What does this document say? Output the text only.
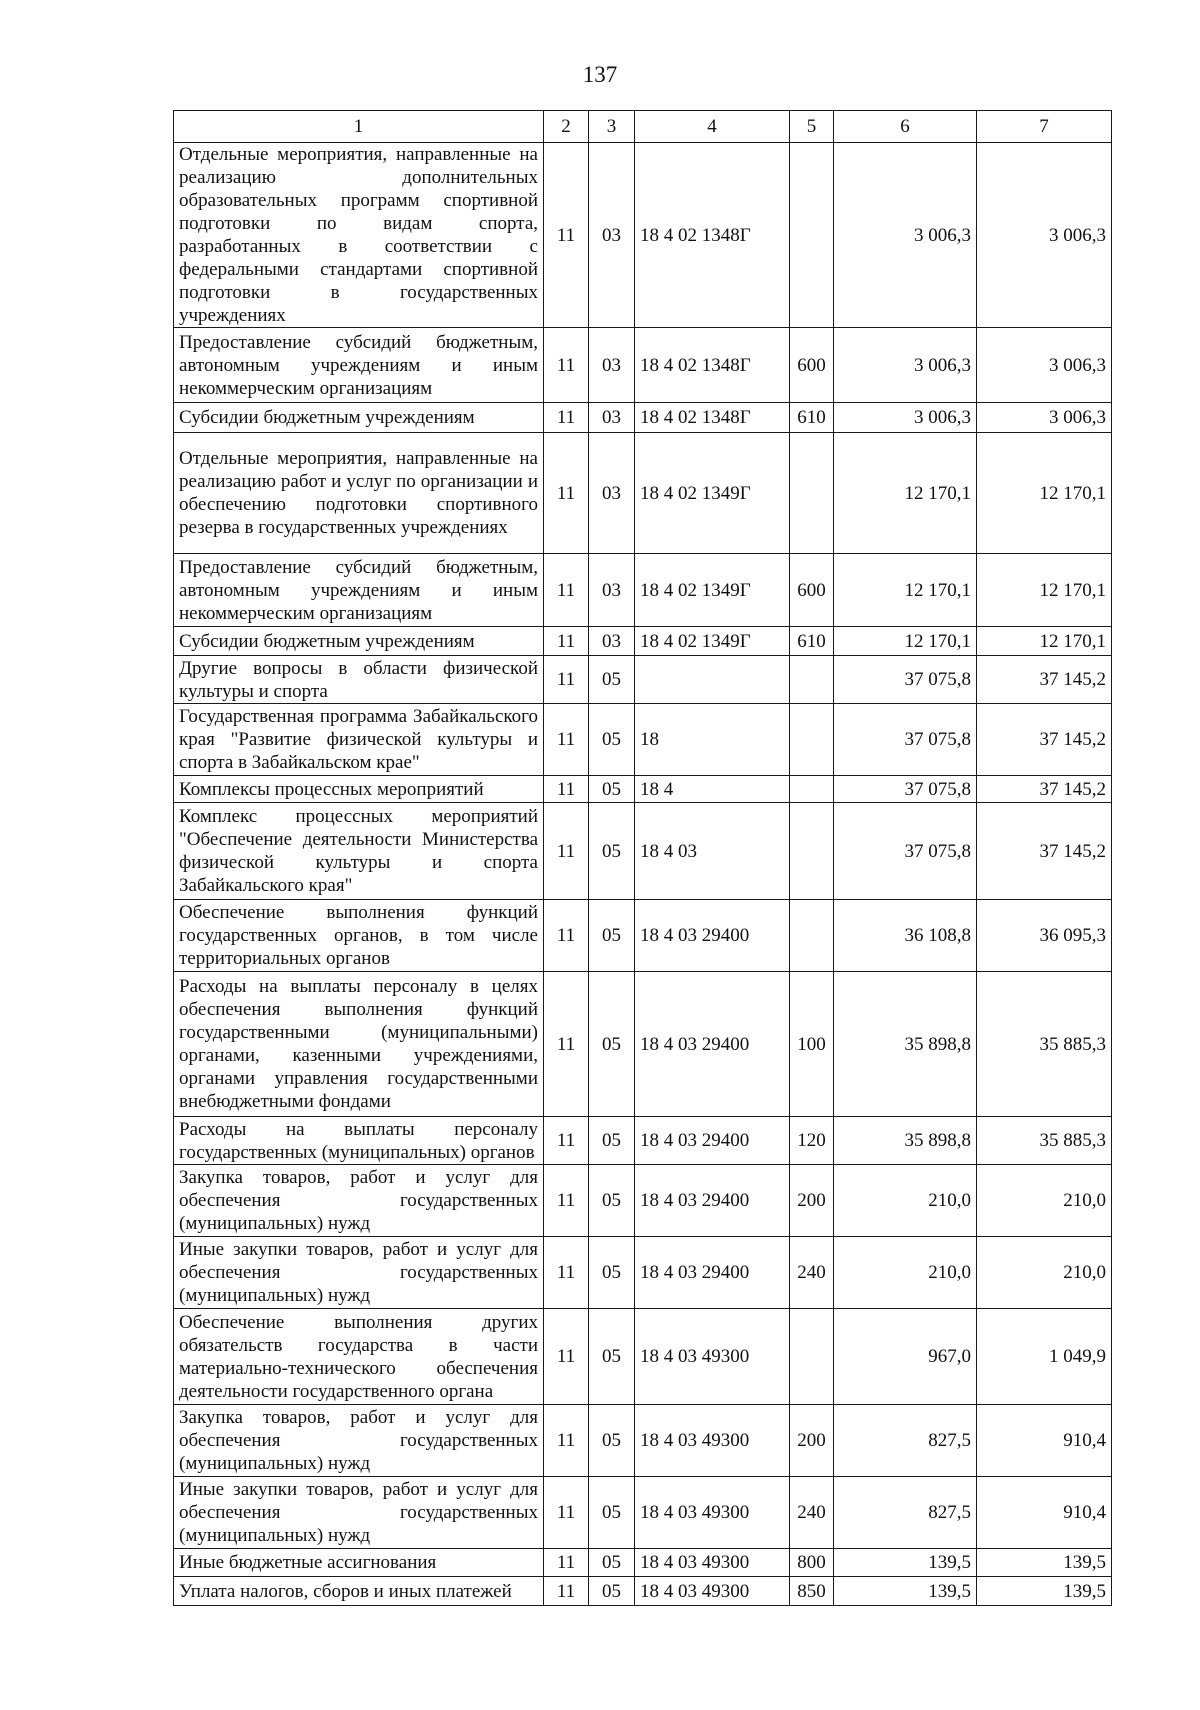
137
1	2	3	4	5	6	7
Отдельные мероприятия, направленные на реализацию дополнительных образовательных программ спортивной подготовки по видам спорта, разработанных в соответствии с федеральными стандартами спортивной подготовки в государственных учреждениях	11	03	18 4 02 1348Г		3 006,3	3 006,3
Предоставление субсидий бюджетным, автономным учреждениям и иным некоммерческим организациям	11	03	18 4 02 1348Г	600	3 006,3	3 006,3
Субсидии бюджетным учреждениям	11	03	18 4 02 1348Г	610	3 006,3	3 006,3
Отдельные мероприятия, направленные на реализацию работ и услуг по организации и обеспечению подготовки спортивного резерва в государственных учреждениях	11	03	18 4 02 1349Г		12 170,1	12 170,1
Предоставление субсидий бюджетным, автономным учреждениям и иным некоммерческим организациям	11	03	18 4 02 1349Г	600	12 170,1	12 170,1
Субсидии бюджетным учреждениям	11	03	18 4 02 1349Г	610	12 170,1	12 170,1
Другие вопросы в области физической культуры и спорта	11	05			37 075,8	37 145,2
Государственная программа Забайкальского края "Развитие физической культуры и спорта в Забайкальском крае"	11	05	18		37 075,8	37 145,2
Комплексы процессных мероприятий	11	05	18 4		37 075,8	37 145,2
Комплекс процессных мероприятий "Обеспечение деятельности Министерства физической культуры и спорта Забайкальского края"	11	05	18 4 03		37 075,8	37 145,2
Обеспечение выполнения функций государственных органов, в том числе территориальных органов	11	05	18 4 03 29400		36 108,8	36 095,3
Расходы на выплаты персоналу в целях обеспечения выполнения функций государственными (муниципальными) органами, казенными учреждениями, органами управления государственными внебюджетными фондами	11	05	18 4 03 29400	100	35 898,8	35 885,3
Расходы на выплаты персоналу государственных (муниципальных) органов	11	05	18 4 03 29400	120	35 898,8	35 885,3
Закупка товаров, работ и услуг для обеспечения государственных (муниципальных) нужд	11	05	18 4 03 29400	200	210,0	210,0
Иные закупки товаров, работ и услуг для обеспечения государственных (муниципальных) нужд	11	05	18 4 03 29400	240	210,0	210,0
Обеспечение выполнения других обязательств государства в части материально-технического обеспечения деятельности государственного органа	11	05	18 4 03 49300		967,0	1 049,9
Закупка товаров, работ и услуг для обеспечения государственных (муниципальных) нужд	11	05	18 4 03 49300	200	827,5	910,4
Иные закупки товаров, работ и услуг для обеспечения государственных (муниципальных) нужд	11	05	18 4 03 49300	240	827,5	910,4
Иные бюджетные ассигнования	11	05	18 4 03 49300	800	139,5	139,5
Уплата налогов, сборов и иных платежей	11	05	18 4 03 49300	850	139,5	139,5
